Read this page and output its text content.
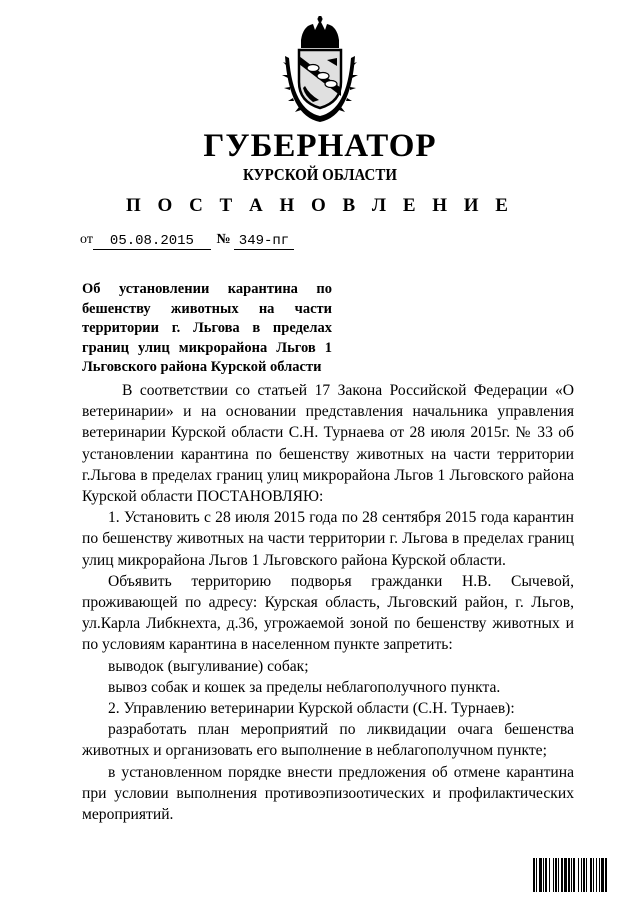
ГУБЕРНАТОР
КУРСКОЙ ОБЛАСТИ
П О С Т А Н О В Л Е Н И Е
от 05.08.2015 № 349-пг
Об установлении карантина по
бешенству животных на части
территории г. Льгова в пределах
границ улиц микрорайона Льгов 1
Льговского района Курской области

В соответствии со статьей 17 Закона Российской Федерации «О ветеринарии» и на основании представления начальника управления ветеринарии Курской области С.Н. Турнаева от 28 июля 2015г. № 33 об установлении карантина по бешенству животных на части территории г.Льгова в пределах границ улиц микрорайона Льгов 1 Льговского района Курской области ПОСТАНОВЛЯЮ:

1. Установить с 28 июля 2015 года по 28 сентября 2015 года карантин по бешенству животных на части территории г. Льгова в пределах границ улиц микрорайона Льгов 1 Льговского района Курской области.

Объявить территорию подворья гражданки Н.В. Сычевой, проживающей по адресу: Курская область, Льговский район, г. Льгов, ул.Карла Либкнехта, д.36, угрожаемой зоной по бешенству животных и по условиям карантина в населенном пункте запретить:

выводок (выгуливание) собак;

вывоз собак и кошек за пределы неблагополучного пункта.

2. Управлению ветеринарии Курской области (С.Н. Турнаев):

разработать план мероприятий по ликвидации очага бешенства животных и организовать его выполнение в неблагополучном пункте;

в установленном порядке внести предложения об отмене карантина при условии выполнения противоэпизоотических и профилактических мероприятий.
